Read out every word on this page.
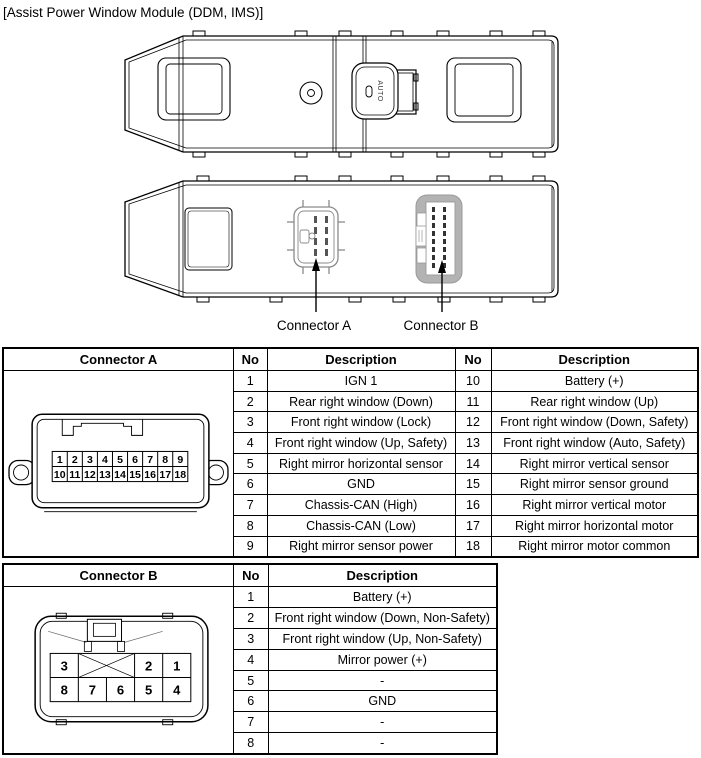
[Assist Power Window Module (DDM, IMS)]
AUTO
Connector A	Connector B
Connector A
1 2 3 4 5 6 7 8 9
10 11 12 13 14 15 16 17 18
No	Description	No	Description
1	IGN 1	10	Battery (+)
2	Rear right window (Down)	11	Rear right window (Up)
3	Front right window (Lock)	12	Front right window (Down, Safety)
4	Front right window (Up, Safety)	13	Front right window (Auto, Safety)
5	Right mirror horizontal sensor	14	Right mirror vertical sensor
6	GND	15	Right mirror sensor ground
7	Chassis-CAN (High)	16	Right mirror vertical motor
8	Chassis-CAN (Low)	17	Right mirror horizontal motor
9	Right mirror sensor power	18	Right mirror motor common
Connector B
3	2 1
8 7 6 5 4
No	Description
1	Battery (+)
2	Front right window (Down, Non-Safety)
3	Front right window (Up, Non-Safety)
4	Mirror power (+)
5	-
6	GND
7	-
8	-
